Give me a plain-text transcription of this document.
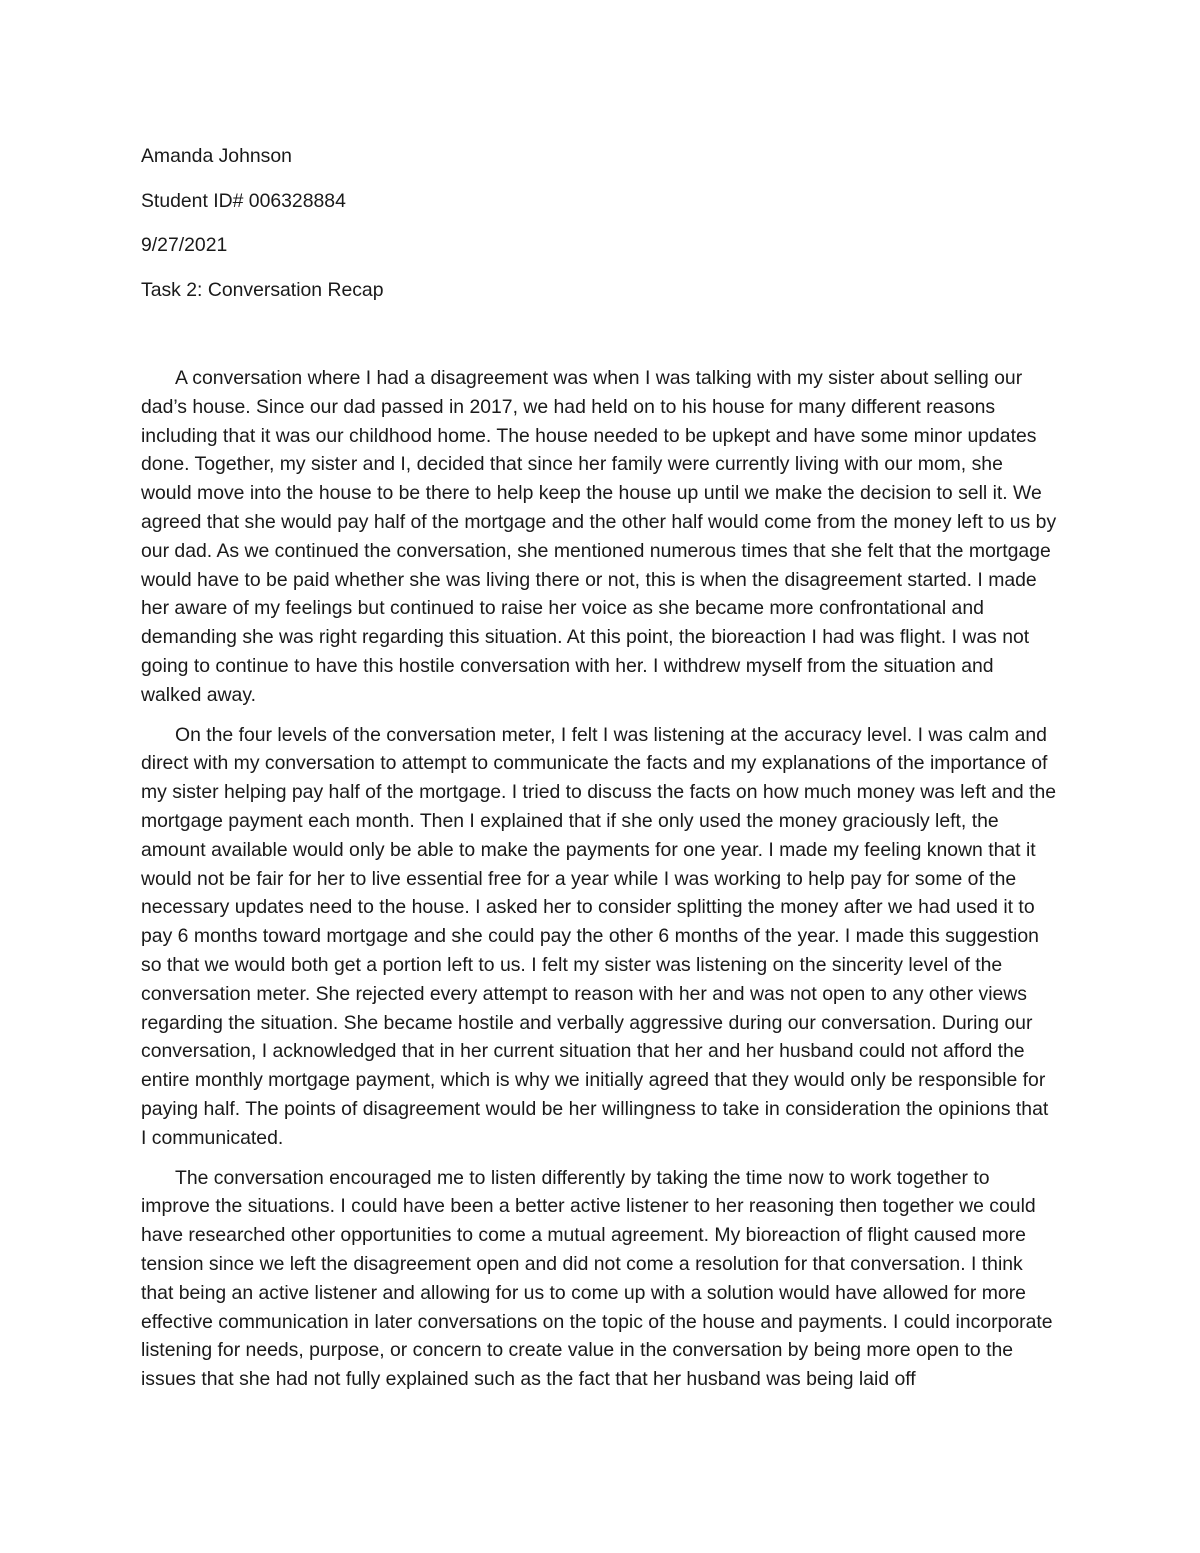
Amanda Johnson

Student ID# 006328884

9/27/2021

Task 2: Conversation Recap

A conversation where I had a disagreement was when I was talking with my sister about selling our dad’s house. Since our dad passed in 2017, we had held on to his house for many different reasons including that it was our childhood home. The house needed to be upkept and have some minor updates done. Together, my sister and I, decided that since her family were currently living with our mom, she would move into the house to be there to help keep the house up until we make the decision to sell it. We agreed that she would pay half of the mortgage and the other half would come from the money left to us by our dad. As we continued the conversation, she mentioned numerous times that she felt that the mortgage would have to be paid whether she was living there or not, this is when the disagreement started. I made her aware of my feelings but continued to raise her voice as she became more confrontational and demanding she was right regarding this situation. At this point, the bioreaction I had was flight. I was not going to continue to have this hostile conversation with her. I withdrew myself from the situation and walked away.

On the four levels of the conversation meter, I felt I was listening at the accuracy level. I was calm and direct with my conversation to attempt to communicate the facts and my explanations of the importance of my sister helping pay half of the mortgage. I tried to discuss the facts on how much money was left and the mortgage payment each month. Then I explained that if she only used the money graciously left, the amount available would only be able to make the payments for one year. I made my feeling known that it would not be fair for her to live essential free for a year while I was working to help pay for some of the necessary updates need to the house. I asked her to consider splitting the money after we had used it to pay 6 months toward mortgage and she could pay the other 6 months of the year. I made this suggestion so that we would both get a portion left to us. I felt my sister was listening on the sincerity level of the conversation meter. She rejected every attempt to reason with her and was not open to any other views regarding the situation. She became hostile and verbally aggressive during our conversation. During our conversation, I acknowledged that in her current situation that her and her husband could not afford the entire monthly mortgage payment, which is why we initially agreed that they would only be responsible for paying half. The points of disagreement would be her willingness to take in consideration the opinions that I communicated.

The conversation encouraged me to listen differently by taking the time now to work together to improve the situations. I could have been a better active listener to her reasoning then together we could have researched other opportunities to come a mutual agreement. My bioreaction of flight caused more tension since we left the disagreement open and did not come a resolution for that conversation. I think that being an active listener and allowing for us to come up with a solution would have allowed for more effective communication in later conversations on the topic of the house and payments. I could incorporate listening for needs, purpose, or concern to create value in the conversation by being more open to the issues that she had not fully explained such as the fact that her husband was being laid off
